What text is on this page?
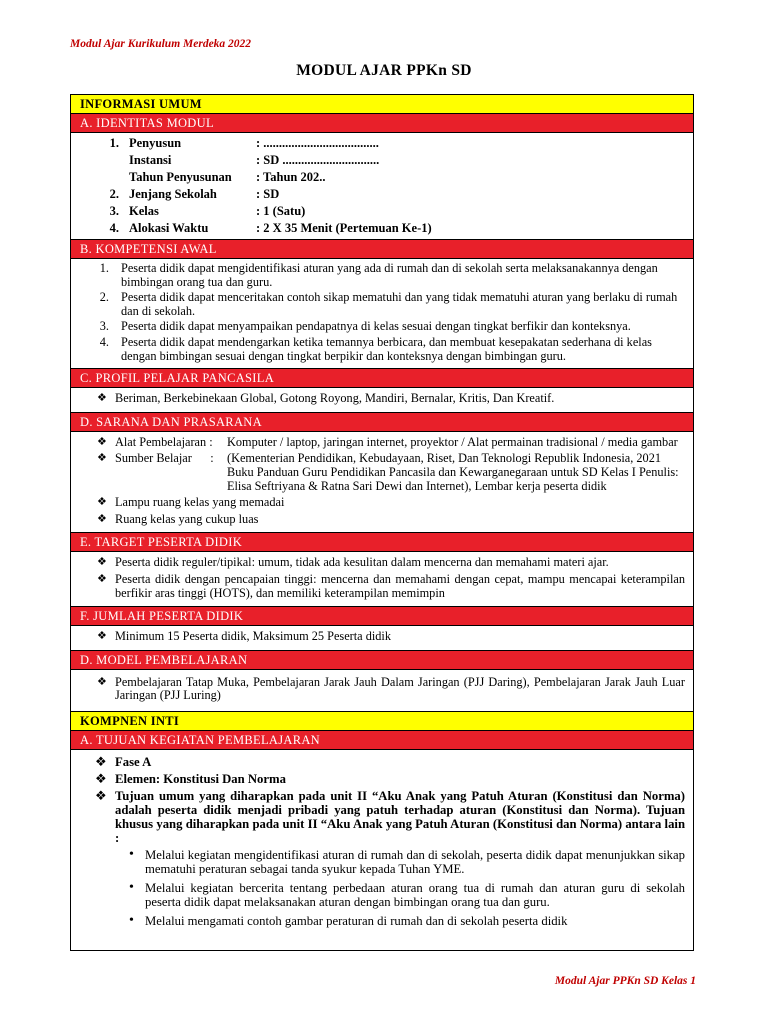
Modul Ajar Kurikulum Merdeka 2022
MODUL AJAR PPKn SD
INFORMASI UMUM
A. IDENTITAS MODUL
1. Penyusun	: .....................................
Instansi	: SD ...............................
Tahun Penyusunan	: Tahun 202..
2. Jenjang Sekolah	: SD
3. Kelas	: 1 (Satu)
4. Alokasi Waktu	: 2 X 35 Menit (Pertemuan Ke-1)
B. KOMPETENSI AWAL
1. Peserta didik dapat mengidentifikasi aturan yang ada di rumah dan di sekolah serta melaksanakannya dengan bimbingan orang tua dan guru.
2. Peserta didik dapat menceritakan contoh sikap mematuhi dan yang tidak mematuhi aturan yang berlaku di rumah dan di sekolah.
3. Peserta didik dapat menyampaikan pendapatnya di kelas sesuai dengan tingkat berfikir dan konteksnya.
4. Peserta didik dapat mendengarkan ketika temannya berbicara, dan membuat kesepakatan sederhana di kelas dengan bimbingan sesuai dengan tingkat berpikir dan konteksnya dengan bimbingan guru.
C. PROFIL PELAJAR PANCASILA
❖ Beriman, Berkebinekaan Global, Gotong Royong, Mandiri, Bernalar, Kritis, Dan Kreatif.
D. SARANA DAN PRASARANA
❖ Alat Pembelajaran :	Komputer / laptop, jaringan internet, proyektor / Alat permainan tradisional / media gambar
❖ Sumber Belajar      :	(Kementerian Pendidikan, Kebudayaan, Riset, Dan Teknologi Republik Indonesia, 2021 Buku Panduan Guru Pendidikan Pancasila dan Kewarganegaraan untuk SD Kelas I Penulis: Elisa Seftriyana & Ratna Sari Dewi dan Internet), Lembar kerja peserta didik
❖ Lampu ruang kelas yang memadai
❖ Ruang kelas yang cukup luas
E. TARGET PESERTA DIDIK
❖ Peserta didik reguler/tipikal: umum, tidak ada kesulitan dalam mencerna dan memahami materi ajar.
❖ Peserta didik dengan pencapaian tinggi: mencerna dan memahami dengan cepat, mampu mencapai keterampilan berfikir aras tinggi (HOTS), dan memiliki keterampilan memimpin
F. JUMLAH PESERTA DIDIK
❖ Minimum 15 Peserta didik, Maksimum 25 Peserta didik
D. MODEL PEMBELAJARAN
❖ Pembelajaran Tatap Muka, Pembelajaran Jarak Jauh Dalam Jaringan (PJJ Daring), Pembelajaran Jarak Jauh Luar Jaringan (PJJ Luring)
KOMPNEN INTI
A. TUJUAN KEGIATAN PEMBELAJARAN
❖ Fase A
❖ Elemen: Konstitusi Dan Norma
❖ Tujuan umum yang diharapkan pada unit II “Aku Anak yang Patuh Aturan (Konstitusi dan Norma) adalah peserta didik menjadi pribadi yang patuh terhadap aturan (Konstitusi dan Norma). Tujuan khusus yang diharapkan pada unit II “Aku Anak yang Patuh Aturan (Konstitusi dan Norma) antara lain :
• Melalui kegiatan mengidentifikasi aturan di rumah dan di sekolah, peserta didik dapat menunjukkan sikap mematuhi peraturan sebagai tanda syukur kepada Tuhan YME.
• Melalui kegiatan bercerita tentang perbedaan aturan orang tua di rumah dan aturan guru di sekolah peserta didik dapat melaksanakan aturan dengan bimbingan orang tua dan guru.
• Melalui mengamati contoh gambar peraturan di rumah dan di sekolah peserta didik
Modul Ajar PPKn SD Kelas 1
